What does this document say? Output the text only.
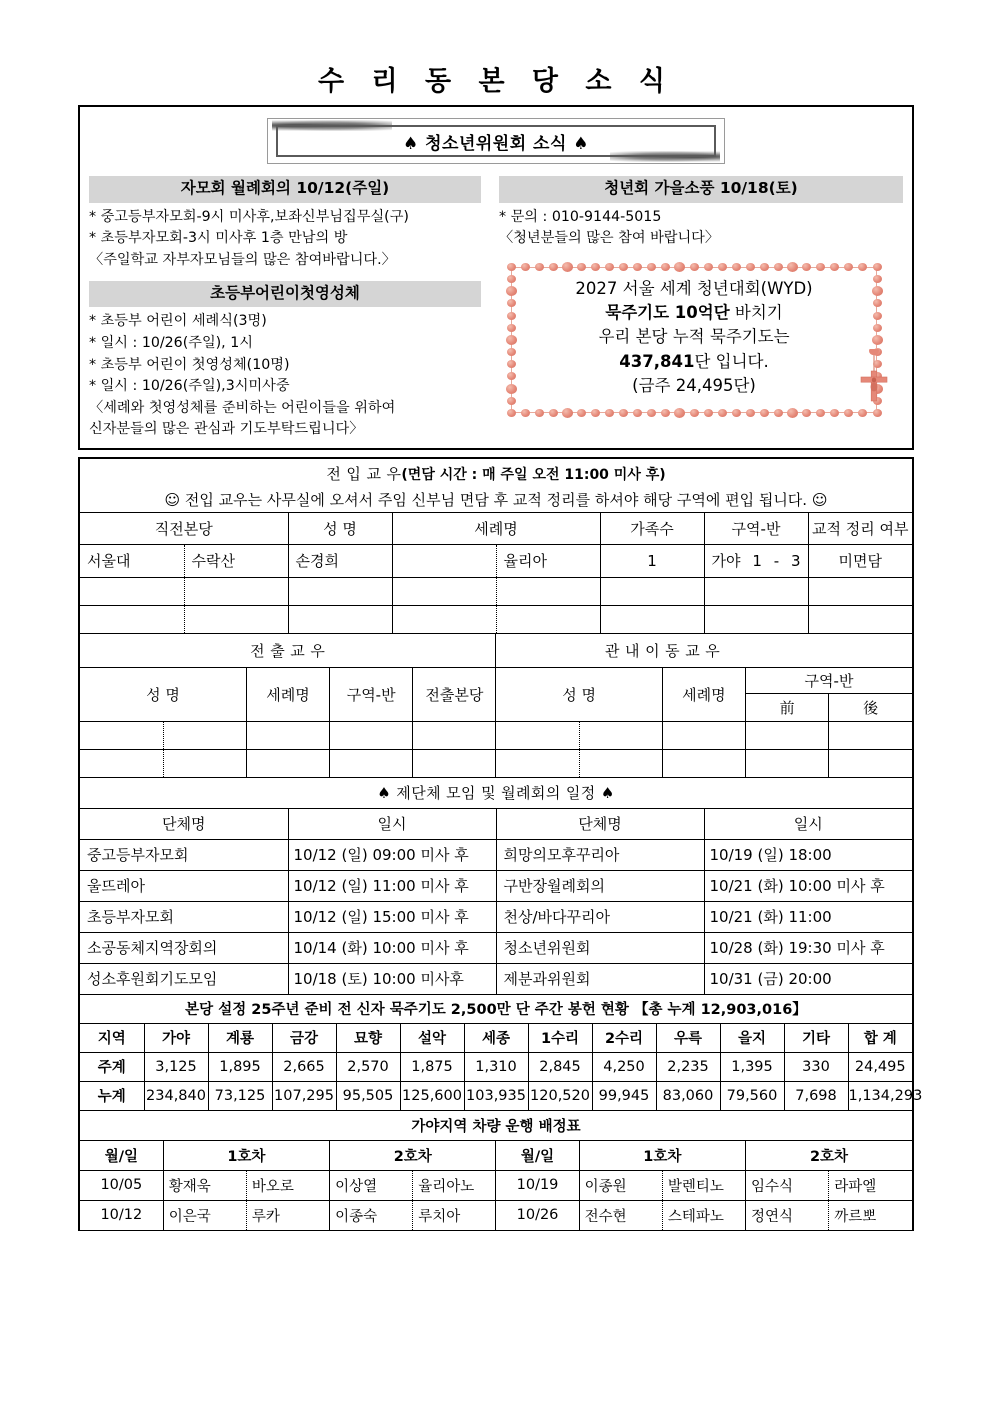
수 리 동 본 당 소 식
♠ 청소년위원회 소식 ♠
자모회 월례회의 10/12(주일)
* 중고등부자모회-9시 미사후,보좌신부님집무실(구)
* 초등부자모회-3시 미사후 1층 만남의 방
〈주일학교 자부자모님들의 많은 참여바랍니다.〉
초등부어린이첫영성체
* 초등부 어린이 세례식(3명)
* 일시 : 10/26(주일), 1시
* 초등부 어린이 첫영성체(10명)
* 일시 : 10/26(주일),3시미사중
〈세례와 첫영성체를 준비하는 어린이들을 위하여
신자분들의 많은 관심과 기도부탁드립니다〉
청년회 가을소풍 10/18(토)
* 문의 : 010-9144-5015
〈청년분들의 많은 참여 바랍니다〉
2027 서울 세계 청년대회(WYD)
묵주기도 10억단 바치기
우리 본당 누적 묵주기도는
437,841단 입니다.
(금주 24,495단)
전 입 교 우(면담 시간 : 매 주일 오전 11:00 미사 후)							
☺ 전입 교우는 사무실에 오셔서 주임 신부님 면담 후 교적 정리를 하셔야 해당 구역에 편입 됩니다. ☺							
직전본당		성 명	세례명		가족수	구역-반	교적 정리 여부

서울대	수락산	손경희		율리아	1	가야 1 - 3	미면담

전 출 교 우					관 내 이 동 교 우				
성 명		세례명	구역-반	전출본당	성 명		세례명	구역-반	
								前	後

♠ 제단체 모임 및 월례회의 일정 ♠			
단체명	일시	단체명	일시

중고등부자모회	10/12 (일) 09:00 미사 후	희망의모후꾸리아	10/19 (일) 18:00

울뜨레아	10/12 (일) 11:00 미사 후	구반장월례회의	10/21 (화) 10:00 미사 후

초등부자모회	10/12 (일) 15:00 미사 후	천상/바다꾸리아	10/21 (화) 11:00

소공동체지역장회의	10/14 (화) 10:00 미사 후	청소년위원회	10/28 (화) 19:30 미사 후

성소후원회기도모임	10/18 (토) 10:00 미사후	제분과위원회	10/31 (금) 20:00
본당 설정 25주년 준비 전 신자 묵주기도 2,500만 단 주간 봉헌 현황 【총 누계 12,903,016】												
지역	가야	계룡	금강	묘향	설악	세종	1수리	2수리	우륵	을지	기타	합 계
주계	3,125	1,895	2,665	2,570	1,875	1,310	2,845	4,250	2,235	1,395	330	24,495
누계	234,840	73,125	107,295	95,505	125,600	103,935	120,520	99,945	83,060	79,560	7,698	1,134,293
가야지역 차량 운행 배정표									
월/일	1호차		2호차		월/일	1호차		2호차	
10/05	황재욱	바오로	이상열	율리아노	10/19	이종원	발렌티노	임수식	라파엘

10/12	이은국	루카	이종숙	루치아	10/26	전수현	스테파노	정연식	까르뽀
